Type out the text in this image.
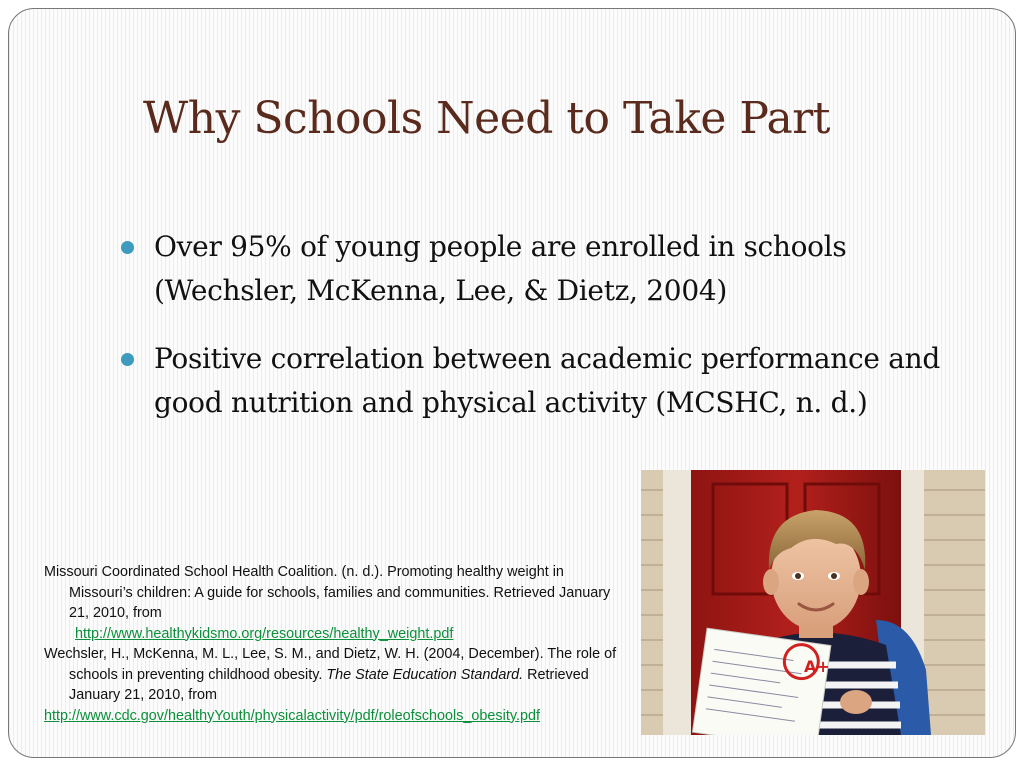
Why Schools Need to Take Part
Over 95% of young people are enrolled in schools (Wechsler, McKenna, Lee, & Dietz, 2004)
Positive correlation between academic performance and good nutrition and physical activity (MCSHC, n. d.)
Missouri Coordinated School Health Coalition. (n. d.). Promoting healthy weight in Missouri’s children: A guide for schools, families and communities. Retrieved January 21, 2010, from
http://www.healthykidsmo.org/resources/healthy_weight.pdf
Wechsler, H., McKenna, M. L., Lee, S. M., and Dietz, W. H. (2004, December). The role of schools in preventing childhood obesity. The State Education Standard. Retrieved January 21, 2010, from
http://www.cdc.gov/healthyYouth/physicalactivity/pdf/roleofschools_obesity.pdf
A+
